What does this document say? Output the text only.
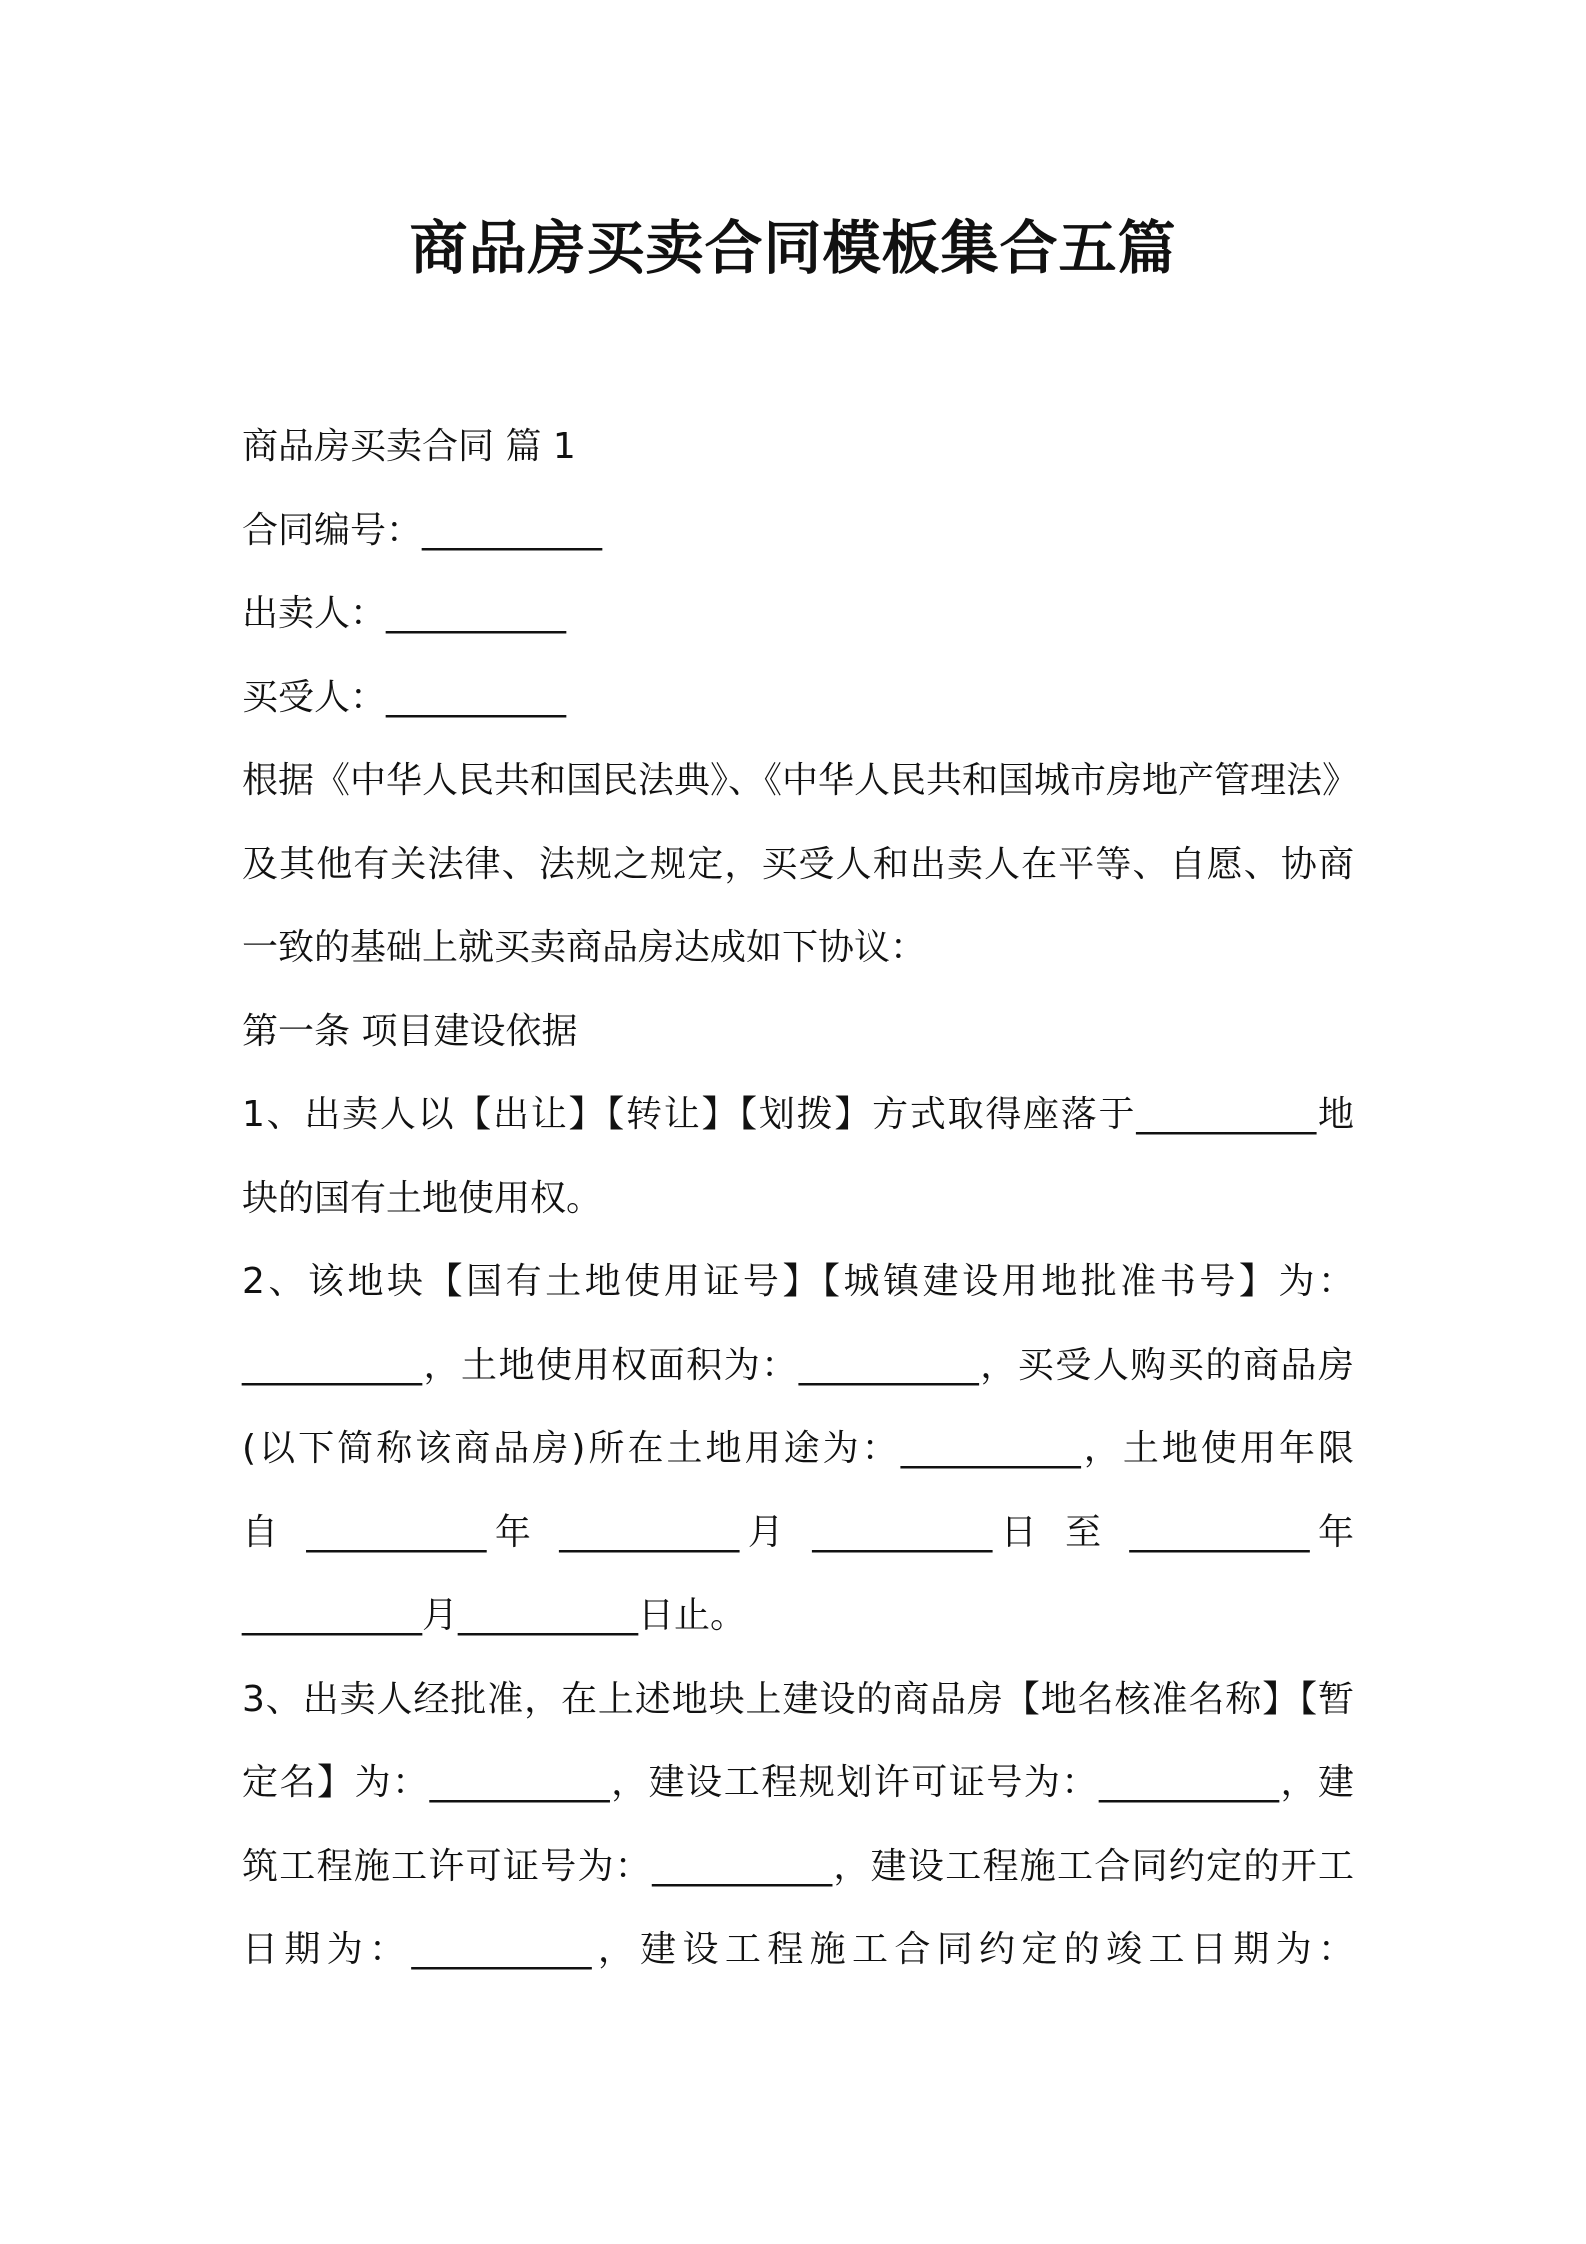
商品房买卖合同模板集合五篇
商品房买卖合同 篇 1
合同编号：__________
出卖人：__________
买受人：__________
根据《中华人民共和国民法典》、《中华人民共和国城市房地产管理法》
及其他有关法律、法规之规定，买受人和出卖人在平等、自愿、协商
一致的基础上就买卖商品房达成如下协议：
第一条 项目建设依据
1、出卖人以【出让】【转让】【划拨】方式取得座落于__________地
块的国有土地使用权。
2、该地块【国有土地使用证号】【城镇建设用地批准书号】为：
__________，土地使用权面积为：__________，买受人购买的商品房
(以下简称该商品房)所在土地用途为：__________，土地使用年限
自 __________年 __________月 __________日 至 __________年
__________月__________日止。
3、出卖人经批准，在上述地块上建设的商品房【地名核准名称】【暂
定名】为：__________，建设工程规划许可证号为：__________，建
筑工程施工许可证号为：__________，建设工程施工合同约定的开工
日期为：__________，建设工程施工合同约定的竣工日期为：
